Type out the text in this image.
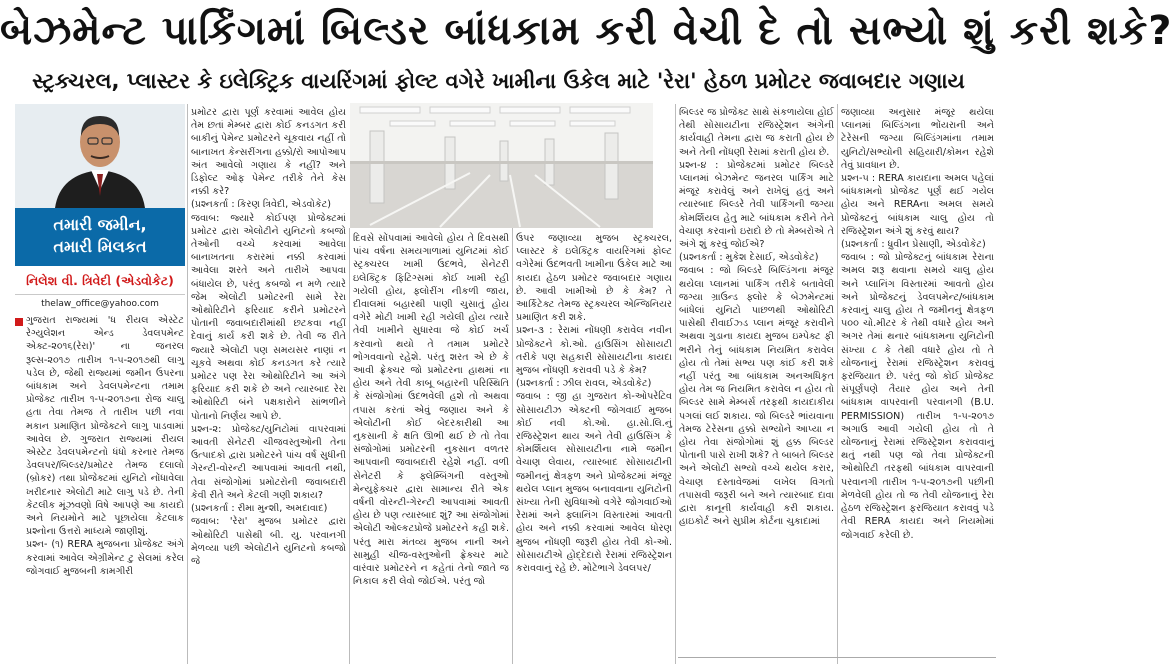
બેઝમેન્ટ પાર્કિંગમાં બિલ્ડર બાંધકામ કરી વેચી દે તો સભ્યો શું કરી શકે?
સ્ટ્રક્ચરલ, પ્લાસ્ટર કે ઇલેક્ટ્રિક વાયરિંગમાં ફોલ્ટ વગેરે ખામીના ઉકેલ માટે 'રેરા' હેઠળ પ્રમોટર જવાબદાર ગણાય
તમારી જમીન,
તમારી મિલકત
નિલેશ વી. ત્રિવેદી (એડવોકેટ)
thelaw_office@yahoo.com
ગુજરાત રાજ્યમાં 'ધ રીયલ એસ્ટેટ રેગ્યુલેશન એન્ડ ડેવલપમેન્ટ એક્ટ-૨૦૧૬(રેરા)' ના જનરલ રૂલ્સ-૨૦૧૭ તારીખ ૧-૫-૨૦૧૭થી લાગુ પડેલ છે, જેથી રાજ્યમાં જમીન ઉપરના બાંધકામ અને ડેવલપમેન્ટના તમામ પ્રોજેક્ટ તારીખ ૧-૫-૨૦૧૭ના રોજ ચાલુ હતા તેવા તેમજ તે તારીખ પછી નવા મકાન પ્રમાણિત પ્રોજેક્ટને લાગુ પાડવામાં આવેલ છે. ગુજરાત રાજ્યમાં રીયલ એસ્ટેટ ડેવલપમેન્ટનો ધંધો કરનાર તેમજ ડેવલપર/બિલ્ડર/પ્રમોટર તેમજ દલાલો (બ્રોકર) તથા પ્રોજેક્ટમાં યુનિટો નોંધાવેલા ખરીદનાર એલોટી માટે લાગુ પડે છે. તેની કેટલીક મૂંઝવણો વિષે આપણે આ કાયદો અને નિયમોને માટે પૂછાયેલા કેટલાક પ્રશ્નોના ઉત્તરો માધ્યમે જાણીશું.
પ્રશ્ન- (૧) RERA મુજબના પ્રોજેક્ટ અંગે કરવામાં આવેલ એગ્રીમેન્ટ ટુ સેલમાં કરેલ જોગવાઈ મુજબની કામગીરી
પ્રમોટર દ્વારા પૂર્ણ કરવામાં આવેલ હોય તેમ છતાં મેમ્બર દ્વારા કોઈ કનડગત કરી બાકીનું પેમેન્ટ પ્રમોટરને ચૂકવાય નહીં તો બાનાખત કેન્સરીંગના હક્કો/રો આપોઆપ અંત આવેલો ગણાય કે નહીં? અને ડિફોલ્ટ ઓફ પેમેન્ટ તરીકે તેને કેસ નક્કી કરે?
(પ્રશ્નકર્તા : કિરણ ત્રિવેદી, એડવોકેટ)
જવાબ: જ્યારે કોઈપણ પ્રોજેક્ટમાં પ્રમોટર દ્વારા એલોટીને યુનિટનો કબજો તેઓની વચ્ચે કરવામાં આવેલા બાનાખતના કરારમાં નક્કી કરવામાં આવેલા શરતે અને તારીખે આપવા બંધાયેલ છે, પરંતુ કબજો ન મળે ત્યારે જેમ એલોટી પ્રમોટરની સામે રેરા ઓથોરિટીને ફરિયાદ કરીને પ્રમોટરને પોતાની જવાબદારીમાંથી છટકવા નહીં દેવાનું કાર્ય કરી શકે છે. તેવી જ રીતે જ્યારે એલોટી પણ સમયસર નાણાં ન ચૂકવે અથવા કોઈ કનડગત કરે ત્યારે પ્રમોટર પણ રેરા ઓથોરિટીને આ અંગે ફરિયાદ કરી શકે છે અને ત્યારબાદ રેરા ઓથોરિટી બંને પક્ષકારોને સાંભળીને પોતાનો નિર્ણય આપે છે.
પ્રશ્ન-૨: પ્રોજેક્ટ/યુનિટોમાં વાપરવામાં આવતી સેનેટરી ચીજવસ્તુઓની તેના ઉત્પાદકો દ્વારા પ્રમોટરને પાંચ વર્ષ સુધીની ગેરન્ટી-વોરન્ટી આપવામાં આવતી નથી, તેવા સંજોગોમાં પ્રમોટરોની જવાબદારી કેવી રીતે અને કેટલી ગણી શકાય?
(પ્રશ્નકર્તા : રીમા મુન્શી, અમદાવાદ)
જવાબ: 'રેરા' મુજબ પ્રમોટર દ્વારા ઓથોરિટી પાસેથી બી. યુ. પરવાનગી મેળવ્યા પછી એલોટીને યુનિટનો કબજો જે
દિવસે સોંપવામાં આવેલો હોય તે દિવસથી પાંચ વર્ષના સમયગાળામાં યુનિટમાં કોઈ સ્ટ્રક્ચરલ ખામી ઉદભવે, સેનેટરી ઇલેક્ટ્રિક ફિટિંગ્સમાં કોઈ ખામી રહી ગયેલી હોય, ફ્લોરીંગ નીકળી જાય, દીવાલમાં બહારથી પાણી ચુસાતું હોય વગેરે મોટી ખામી રહી ગયેલી હોય ત્યારે તેવી ખામીને સુધારવા જે કોઈ ખર્ચ કરવાનો થયો તે તમામ પ્રમોટરે ભોગવવાનો રહેશે. પરંતુ શરત એ છે કે આવી ફ્રેક્ચર જો પ્રમોટરના હાથમાં ના હોય અને તેવી કાબૂ બહારની પરિસ્થિતિ કે સંજોગોમાં ઉદભવેલી હશે તો અથવા તપાસ કરતાં એવું જણાય અને કે એલોટીની કોઈ બેદરકારીથી આ નુકસાની કે ક્ષતિ ઊભી થઈ છે તો તેવા સંજોગોમાં પ્રમોટરની નુકસાન વળતર આપવાની જવાબદારી રહેશે નહીં. વળી સેનેટરી કે ફ્લેમ્બિંગની વસ્તુઓ મેન્યુફેક્ચર દ્વારા સામાન્ય રીતે એક વર્ષની વોરન્ટી-ગેરન્ટી આપવામાં આવતી હોય છે પણ ત્યારબાદ શું? આ સંજોગોમાં એલોટી ઓલ્કટપ્રોજે પ્રમોટરને કહી શકે. પરંતુ મારા મંતવ્ય મુજબ નાની અને સામુહી ચીજ-વસ્તુઓની ફ્રેક્ચર માટે વારંવાર પ્રમોટરને ન કહેતાં તેનો જાતે જ નિકાલ કરી લેવો જોઈએ. પરંતુ જો
ઉપર જણાવ્યા મુજબ સ્ટ્રક્ચરલ, પ્લાસ્ટર કે ઇલેક્ટ્રિક વાયરિંગમાં ફોલ્ટ વગેરેમાં ઉદભવતી ખામીના ઉકેલ માટે આ કાયદા હેઠળ પ્રમોટર જવાબદાર ગણાય છે. આવી ખામીઓ છે કે કેમ? તે આર્કિટેક્ટ તેમજ સ્ટ્રક્ચરલ એન્જિનિયર પ્રમાણિત કરી શકે.
પ્રશ્ન-૩ : રેરામાં નોંધણી કરાવેલ નવીન પ્રોજેક્ટને કો.ઓ. હાઉસિંગ સોસાયટી તરીકે પણ સહકારી સોસાયટીના કાયદા મુજબ નોંધણી કરાવવી પડે કે કેમ?
(પ્રશ્નકર્તા : ઝીલ રાવલ, એડવોકેટ)
જવાબ : જી હા ગુજરાત કો-ઓપરેટિવ સોસાયટીઝ એક્ટની જોગવાઈ મુજબ કોઈ નવી કો.ઓ. હા.સો.લિ.નું રજિસ્ટ્રેશન થાય અને તેવી હાઉસિંગ કે કોમર્શિયલ સોસાયટીના નામે જમીન વેચાણ લેવાય, ત્યારબાદ સોસાયટીની જમીનનું ક્ષેત્રફળ અને પ્રોજેક્ટમાં મંજૂર થયેલ પ્લાન મુજબ બનાવવાના યુનિટોની સંખ્યા તેની સુવિધાઓ વગેરે જોગવાઈઓ રેરામાં અને ફ્લાનિંગ વિસ્તારમાં આવતી હોય અને નક્કી કરવામાં આવેલ ધોરણ મુજબ નોંધણી જરૂરી હોય તેવી કો-ઓ. સોસાયટીએ હોદ્દેદારો રેરામાં રજિસ્ટ્રેશન કરાવવાનું રહે છે. મોટેભાગે ડેવલપર/
બિલ્ડર જ પ્રોજેક્ટ સાથે સંકળાયેલા હોઈ તેથી સોસાયટીના રજિસ્ટ્રેશન અંગેની કાર્યવાહી તેમના દ્વારા જ કરાતી હોય છે અને તેની નોંધણી રેરામાં કરાતી હોય છે.
પ્રશ્ન-૪ : પ્રોજેક્ટમાં પ્રમોટર બિલ્ડરે પ્લાનમાં બેઝમેન્ટ જનરલ પાર્કિંગ માટે મંજૂર કરાવેલું અને રાખેલું હતું અને ત્યારબાદ બિલ્ડરે તેવી પાર્કિંગની જગ્યા કોમર્શિયલ હેતુ માટે બાંધકામ કરીને તેને વેચાણ કરવાનો ઇરાદો છે તો મેમ્બરોએ તે અંગે શું કરવું જોઈએ?
(પ્રશ્નકર્તા : મુકેશ દેસાઈ, એડવોકેટ)
જવાબ : જો બિલ્ડરે બિલ્ડિંગના મંજૂર થયેલા પ્લાનમાં પાર્કિંગ તરીકે બતાવેલી જગ્યા ગ્રાઉન્ડ ફ્લોર કે બેઝમેન્ટમાં બાંધેલાં યુનિટો પાછળથી ઓથોરિટી પાસેથી રીવાઈઝ્ડ પ્લાન મંજૂર કરાવીને અથવા ગુડાના કાયદા મુજબ ઇમ્પેક્ટ ફી ભરીને તેનું બાંધકામ નિયમિત કરાવેલ હોય તો તેમાં સભ્ય પણ કાંઈ કરી શકે નહીં પરંતુ આ બાંધકામ અનઅધિકૃત હોય તેમ જ નિયમિત કરાવેલ ન હોય તો બિલ્ડર સામે મેમ્બર્સ તરફથી કાયદાકીય પગલાં લઈ શકાય. જો બિલ્ડરે ભાંયવાના તેમજ ટેરેસના હક્કો સભ્યોને આપ્યા ન હોય તેવા સંજોગોમાં શું હક્ક બિલ્ડર પોતાની પાસે રાખી શકે? તે બાબતે બિલ્ડર અને એલોટી સભ્યો વચ્ચે થયેલ કરાર, વેચાણ દસ્તાવેજમાં લખેલ વિગતો તપાસવી જરૂરી બને અને ત્યારબાદ દાવા દ્વારા કાનૂની કાર્યવાહી કરી શકાય. હાઇકોર્ટ અને સુપ્રીમ કોર્ટના ચુકાદામાં
જણાવ્યા અનુસાર મંજૂર થયેલા પ્લાનમાં બિલ્ડિંગના ભોંયરાની અને ટેરેસની જગ્યા બિલ્ડિંગમાંના તમામ યુનિટો/સભ્યોની સહિયારી/કોમન રહેશે તેવું પ્રાવધાન છે.
પ્રશ્ન-૫ : RERA કાયદાના અમલ પહેલાં બાંધકામનો પ્રોજેક્ટ પૂર્ણ થઈ ગયેલ હોય અને RERAના અમલ સમયે પ્રોજેક્ટનું બાંધકામ ચાલુ હોય તો રજિસ્ટ્રેશન અંગે શું કરવું થાય?
(પ્રશ્નકર્તા : ધ્રુવીન પ્રેસાણી, એડવોકેટ)
જવાબ : જો પ્રોજેક્ટનું બાંધકામ રેરાના અમલ શરૂ થવાના સમયે ચાલુ હોય અને પ્લાનિંગ વિસ્તારમાં આવતો હોય અને પ્રોજેક્ટનું ડેવલપમેન્ટ/બાંધકામ કરવાનું ચાલુ હોય તે જમીનનું ક્ષેત્રફળ ૫૦૦ ચો.મીટર કે તેથી વધારે હોય અને અગર તેમાં થનાર બાંધકામના યુનિટોની સંખ્યા ૮ કે તેથી વધારે હોય તો તે યોજનાનું રેરામાં રજિસ્ટ્રેશન કરાવવું ફરજિયાત છે. પરંતુ જો કોઈ પ્રોજેક્ટ સંપૂર્ણપણે તૈયાર હોય અને તેની બાંધકામ વાપરવાની પરવાનગી (B.U. PERMISSION) તારીખ ૧-૫-૨૦૧૭ અગાઉ આવી ગયેલી હોય તો તે યોજનાનું રેરામાં રજિસ્ટ્રેશન કરાવવાનું થતું નથી પણ જો તેવા પ્રોજેક્ટની ઓથોરિટી તરફથી બાંધકામ વાપરવાની પરવાનગી તારીખ ૧-૫-૨૦૧૭ની પછીની મેળવેલી હોય તો જ તેવી યોજનાનું રેરા હેઠળ રજિસ્ટ્રેશન ફરજિયાત કરાવવું પડે તેવી RERA કાયદા અને નિયમોમાં જોગવાઈ કરેલી છે.
